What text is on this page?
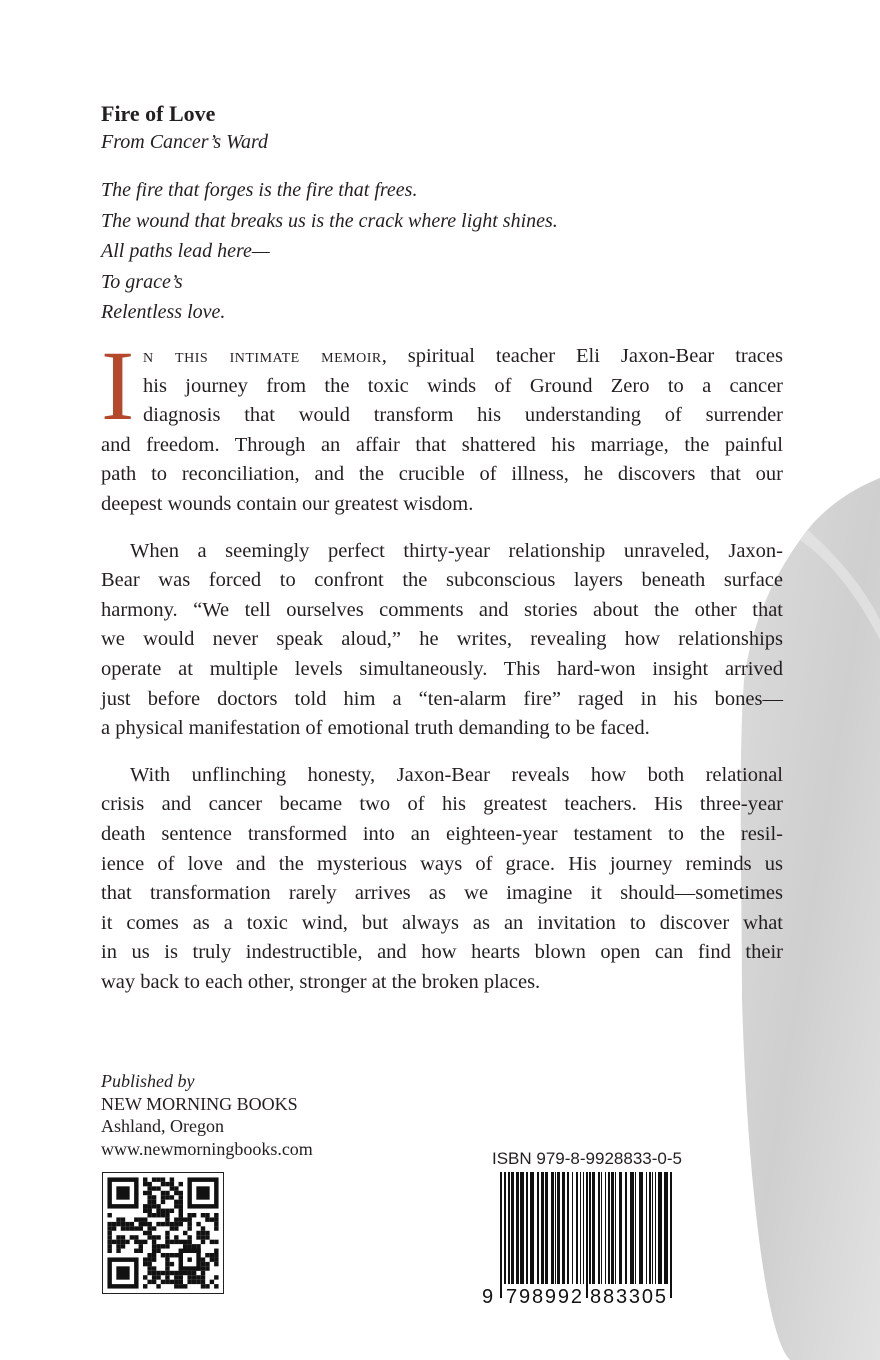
Fire of Love
From Cancer’s Ward
The fire that forges is the fire that frees.
The wound that breaks us is the crack where light shines.
All paths lead here—
To grace’s
Relentless love.
I n this intimate memoir, spiritual teacher Eli Jaxon-Bear traces
his journey from the toxic winds of Ground Zero to a cancer
diagnosis that would transform his understanding of surrender
and freedom. Through an affair that shattered his marriage, the painful
path to reconciliation, and the crucible of illness, he discovers that our
deepest wounds contain our greatest wisdom.
When a seemingly perfect thirty-year relationship unraveled, Jaxon-
Bear was forced to confront the subconscious layers beneath surface
harmony. “We tell ourselves comments and stories about the other that
we would never speak aloud,” he writes, revealing how relationships
operate at multiple levels simultaneously. This hard-won insight arrived
just before doctors told him a “ten-alarm fire” raged in his bones—
a physical manifestation of emotional truth demanding to be faced.
With unflinching honesty, Jaxon-Bear reveals how both relational
crisis and cancer became two of his greatest teachers. His three-year
death sentence transformed into an eighteen-year testament to the resil-
ience of love and the mysterious ways of grace. His journey reminds us
that transformation rarely arrives as we imagine it should—sometimes
it comes as a toxic wind, but always as an invitation to discover what
in us is truly indestructible, and how hearts blown open can find their
way back to each other, stronger at the broken places.
Published by
NEW MORNING BOOKS
Ashland, Oregon
www.newmorningbooks.com	ISBN 979-8-9928833-0-5
9 798992 883305
